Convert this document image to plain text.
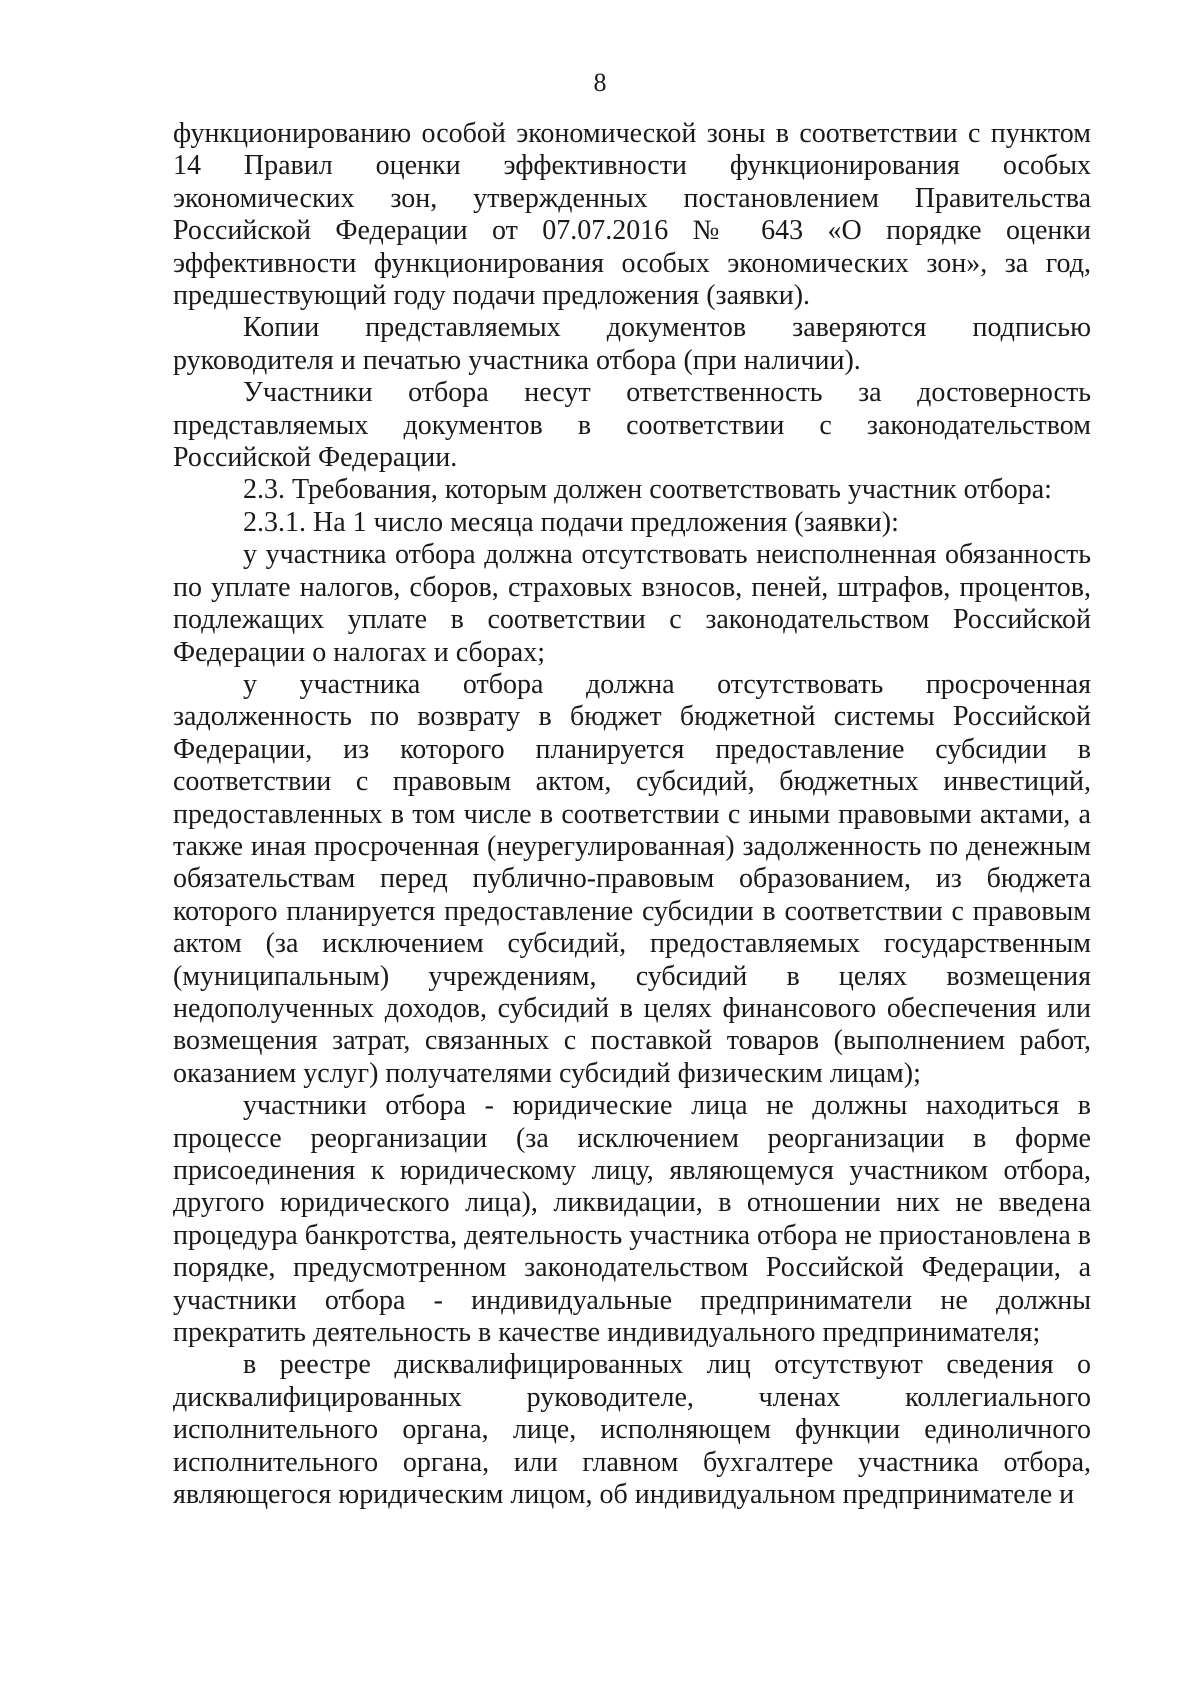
8

функционированию особой экономической зоны в соответствии с пунктом 14 Правил оценки эффективности функционирования особых экономических зон, утвержденных постановлением Правительства Российской Федерации от 07.07.2016 № 643 «О порядке оценки эффективности функционирования особых экономических зон», за год, предшествующий году подачи предложения (заявки).

Копии представляемых документов заверяются подписью руководителя и печатью участника отбора (при наличии).

Участники отбора несут ответственность за достоверность представляемых документов в соответствии с законодательством Российской Федерации.

2.3. Требования, которым должен соответствовать участник отбора:

2.3.1. На 1 число месяца подачи предложения (заявки):

у участника отбора должна отсутствовать неисполненная обязанность по уплате налогов, сборов, страховых взносов, пеней, штрафов, процентов, подлежащих уплате в соответствии с законодательством Российской Федерации о налогах и сборах;

у участника отбора должна отсутствовать просроченная задолженность по возврату в бюджет бюджетной системы Российской Федерации, из которого планируется предоставление субсидии в соответствии с правовым актом, субсидий, бюджетных инвестиций, предоставленных в том числе в соответствии с иными правовыми актами, а также иная просроченная (неурегулированная) задолженность по денежным обязательствам перед публично-правовым образованием, из бюджета которого планируется предоставление субсидии в соответствии с правовым актом (за исключением субсидий, предоставляемых государственным (муниципальным) учреждениям, субсидий в целях возмещения недополученных доходов, субсидий в целях финансового обеспечения или возмещения затрат, связанных с поставкой товаров (выполнением работ, оказанием услуг) получателями субсидий физическим лицам);

участники отбора - юридические лица не должны находиться в процессе реорганизации (за исключением реорганизации в форме присоединения к юридическому лицу, являющемуся участником отбора, другого юридического лица), ликвидации, в отношении них не введена процедура банкротства, деятельность участника отбора не приостановлена в порядке, предусмотренном законодательством Российской Федерации, а участники отбора - индивидуальные предприниматели не должны прекратить деятельность в качестве индивидуального предпринимателя;

в реестре дисквалифицированных лиц отсутствуют сведения о дисквалифицированных руководителе, членах коллегиального исполнительного органа, лице, исполняющем функции единоличного исполнительного органа, или главном бухгалтере участника отбора, являющегося юридическим лицом, об индивидуальном предпринимателе и
